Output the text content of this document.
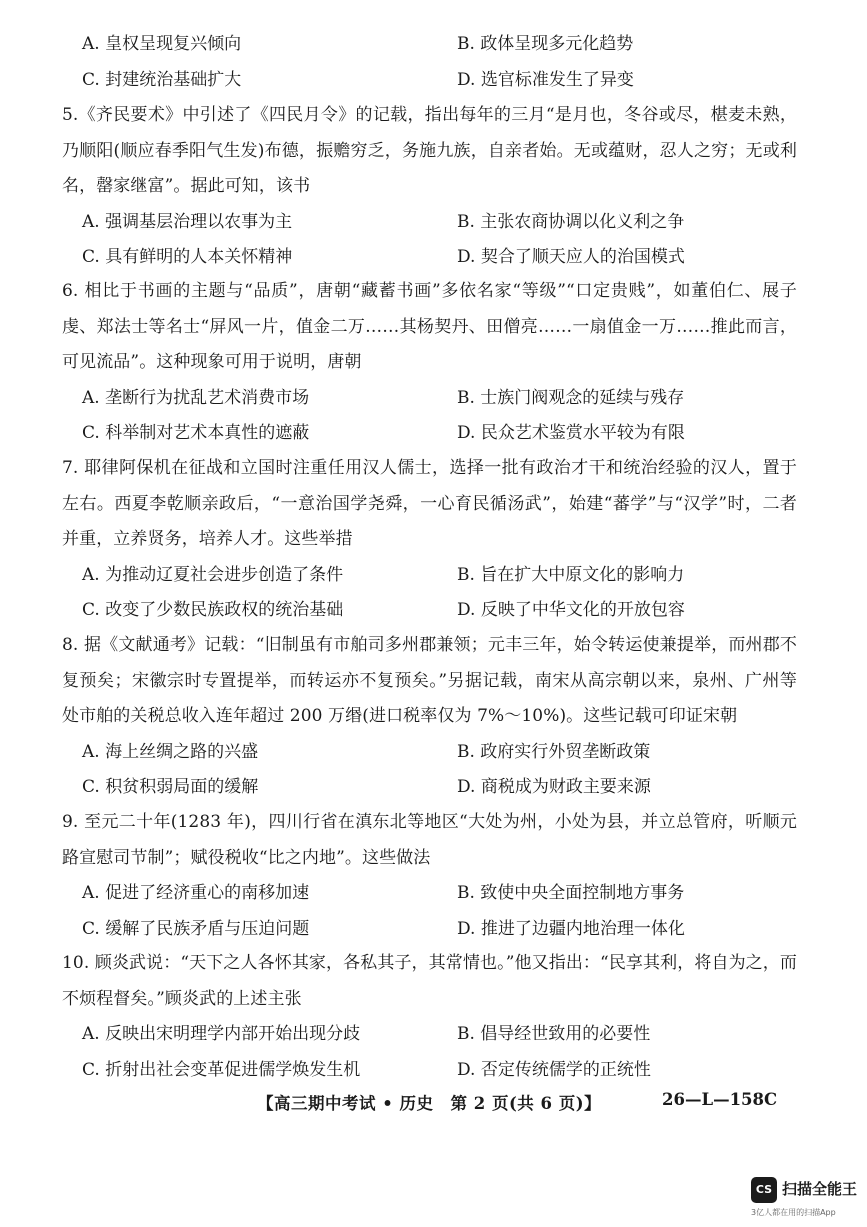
A. 皇权呈现复兴倾向	B. 政体呈现多元化趋势
C. 封建统治基础扩大	D. 选官标准发生了异变

5.《齐民要术》中引述了《四民月令》的记载，指出每年的三月“是月也，冬谷或尽，椹麦未熟，乃顺阳(顺应春季阳气生发)布德，振赡穷乏，务施九族，自亲者始。无或蕴财，忍人之穷；无或利名，罄家继富”。据此可知，该书

A. 强调基层治理以农事为主	B. 主张农商协调以化义利之争
C. 具有鲜明的人本关怀精神	D. 契合了顺天应人的治国模式

6. 相比于书画的主题与“品质”，唐朝“藏蓄书画”多依名家“等级”“口定贵贱”，如董伯仁、展子虔、郑法士等名士“屏风一片，值金二万……其杨契丹、田僧亮……一扇值金一万……推此而言，可见流品”。这种现象可用于说明，唐朝

A. 垄断行为扰乱艺术消费市场	B. 士族门阀观念的延续与残存
C. 科举制对艺术本真性的遮蔽	D. 民众艺术鉴赏水平较为有限

7. 耶律阿保机在征战和立国时注重任用汉人儒士，选择一批有政治才干和统治经验的汉人，置于左右。西夏李乾顺亲政后，“一意治国学尧舜，一心育民循汤武”，始建“蕃学”与“汉学”时，二者并重，立养贤务，培养人才。这些举措

A. 为推动辽夏社会进步创造了条件	B. 旨在扩大中原文化的影响力
C. 改变了少数民族政权的统治基础	D. 反映了中华文化的开放包容

8. 据《文献通考》记载：“旧制虽有市舶司多州郡兼领；元丰三年，始令转运使兼提举，而州郡不复预矣；宋徽宗时专置提举，而转运亦不复预矣。”另据记载，南宋从高宗朝以来，泉州、广州等处市舶的关税总收入连年超过 200 万缗(进口税率仅为 7%～10%)。这些记载可印证宋朝

A. 海上丝绸之路的兴盛	B. 政府实行外贸垄断政策
C. 积贫积弱局面的缓解	D. 商税成为财政主要来源

9. 至元二十年(1283 年)，四川行省在滇东北等地区“大处为州，小处为县，并立总管府，听顺元路宣慰司节制”；赋役税收“比之内地”。这些做法

A. 促进了经济重心的南移加速	B. 致使中央全面控制地方事务
C. 缓解了民族矛盾与压迫问题	D. 推进了边疆内地治理一体化

10. 顾炎武说：“天下之人各怀其家，各私其子，其常情也。”他又指出：“民享其利，将自为之，而不烦程督矣。”顾炎武的上述主张

A. 反映出宋明理学内部开始出现分歧	B. 倡导经世致用的必要性
C. 折射出社会变革促进儒学焕发生机	D. 否定传统儒学的正统性
【高三期中考试 • 历史　第 2 页(共 6 页)】	26—L—158C
CS 扫描全能王
3亿人都在用的扫描App
